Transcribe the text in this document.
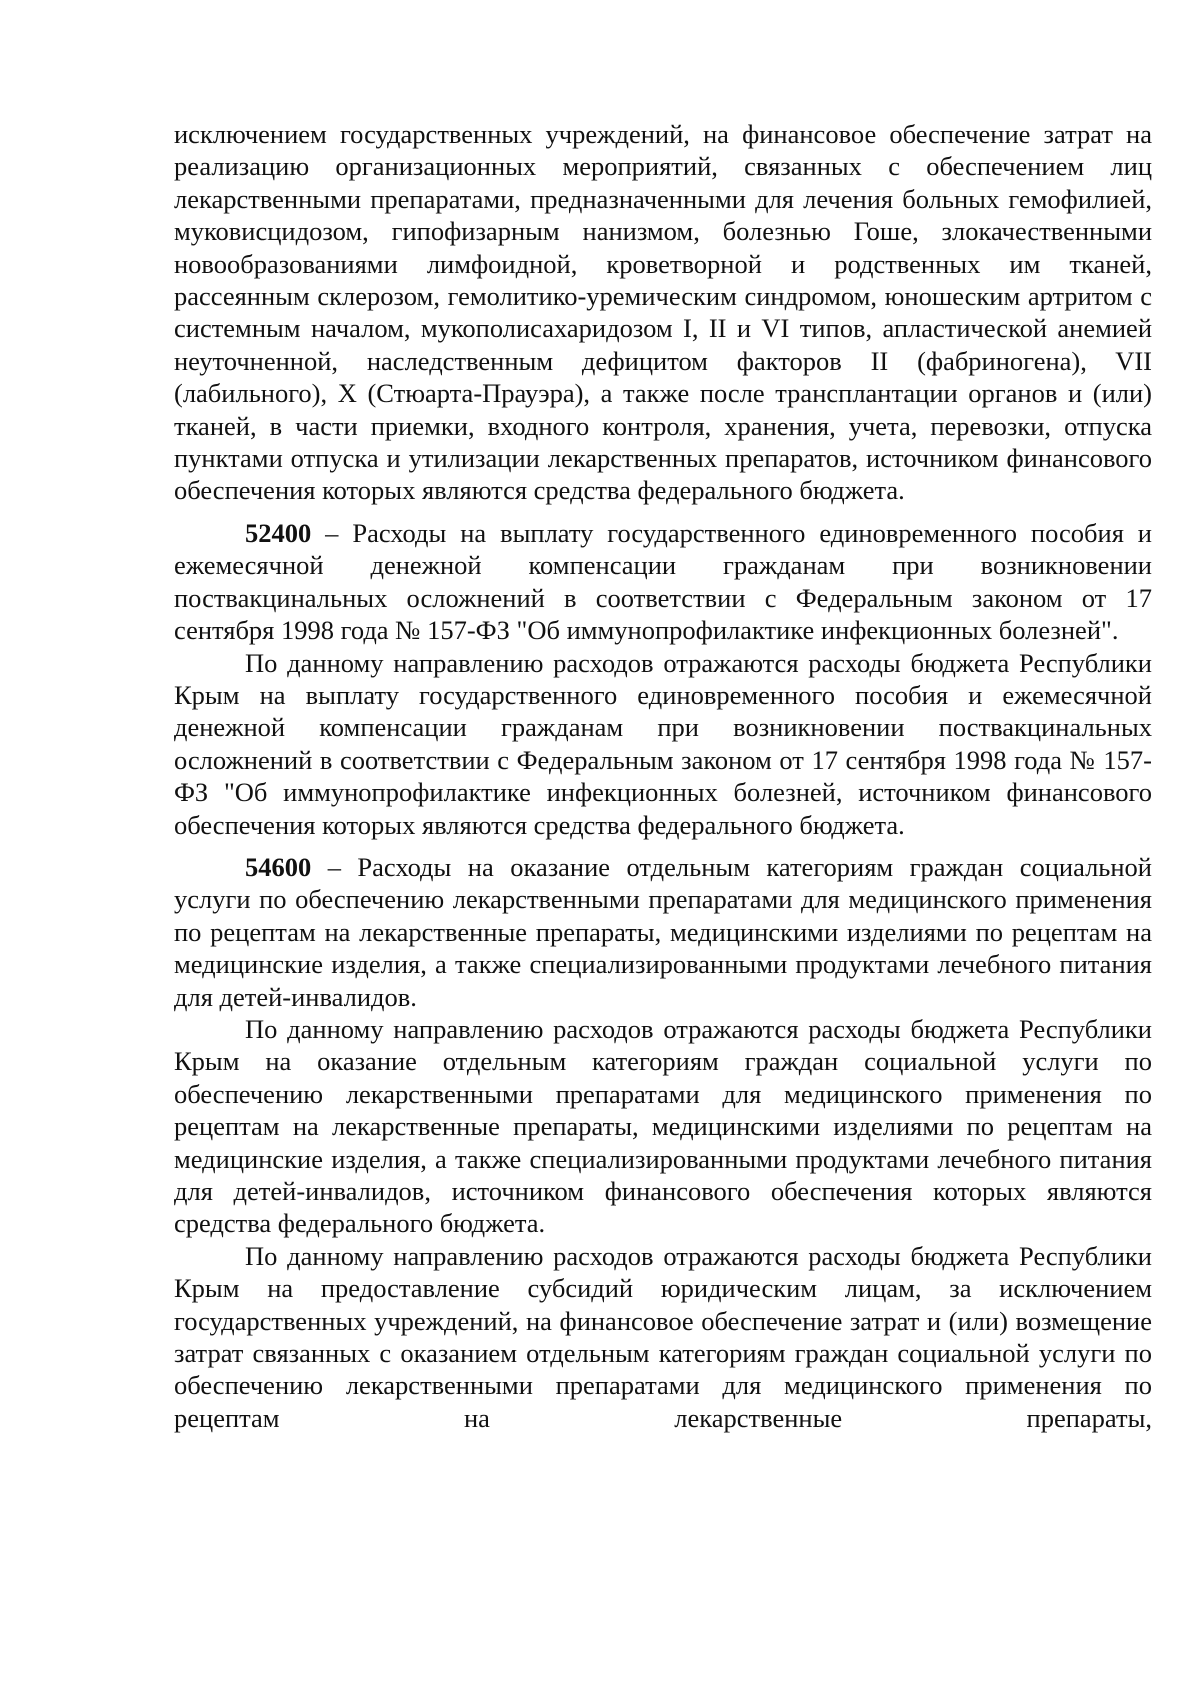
исключением государственных учреждений, на финансовое обеспечение затрат на реализацию организационных мероприятий, связанных с обеспечением лиц лекарственными препаратами, предназначенными для лечения больных гемофилией, муковисцидозом, гипофизарным нанизмом, болезнью Гоше, злокачественными новообразованиями лимфоидной, кроветворной и родственных им тканей, рассеянным склерозом, гемолитико-уремическим синдромом, юношеским артритом с системным началом, мукополисахаридозом I, II и VI типов, апластической анемией неуточненной, наследственным дефицитом факторов II (фабриногена), VII (лабильного), X (Стюарта-Прауэра), а также после трансплантации органов и (или) тканей, в части приемки, входного контроля, хранения, учета, перевозки, отпуска пунктами отпуска и утилизации лекарственных препаратов, источником финансового обеспечения которых являются средства федерального бюджета.

52400 – Расходы на выплату государственного единовременного пособия и ежемесячной денежной компенсации гражданам при возникновении поствакцинальных осложнений в соответствии с Федеральным законом от 17 сентября 1998 года № 157-ФЗ "Об иммунопрофилактике инфекционных болезней".

По данному направлению расходов отражаются расходы бюджета Республики Крым на выплату государственного единовременного пособия и ежемесячной денежной компенсации гражданам при возникновении поствакцинальных осложнений в соответствии с Федеральным законом от 17 сентября 1998 года № 157-ФЗ "Об иммунопрофилактике инфекционных болезней, источником финансового обеспечения которых являются средства федерального бюджета.

54600 – Расходы на оказание отдельным категориям граждан социальной услуги по обеспечению лекарственными препаратами для медицинского применения по рецептам на лекарственные препараты, медицинскими изделиями по рецептам на медицинские изделия, а также специализированными продуктами лечебного питания для детей-инвалидов.

По данному направлению расходов отражаются расходы бюджета Республики Крым на оказание отдельным категориям граждан социальной услуги по обеспечению лекарственными препаратами для медицинского применения по рецептам на лекарственные препараты, медицинскими изделиями по рецептам на медицинские изделия, а также специализированными продуктами лечебного питания для детей-инвалидов, источником финансового обеспечения которых являются средства федерального бюджета.

По данному направлению расходов отражаются расходы бюджета Республики Крым на предоставление субсидий юридическим лицам, за исключением государственных учреждений, на финансовое обеспечение затрат и (или) возмещение затрат связанных с оказанием отдельным категориям граждан социальной услуги по обеспечению лекарственными препаратами для медицинского применения по рецептам на лекарственные препараты,
